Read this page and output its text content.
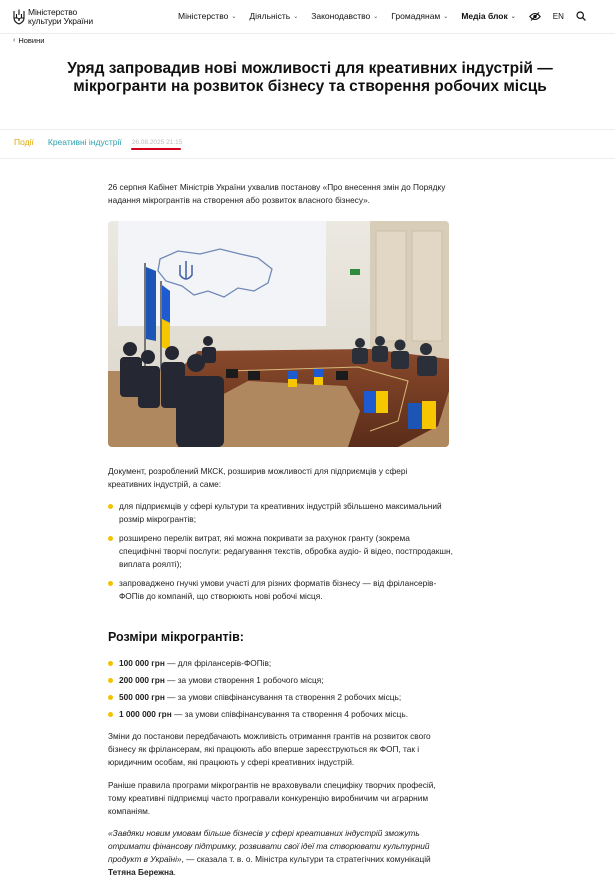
Міністерство
культури України	Міністерство ⌄ Діяльність ⌄ Законодавство ⌄ Громадянам ⌄ Медіа блок ⌄	EN
‹ Новини
Уряд запровадив нові можливості для креативних індустрій —
мікрогранти на розвиток бізнесу та створення робочих місць
Події Креативні індустрії 26.08.2025 21:15

26 серпня Кабінет Міністрів України ухвалив постанову «Про внесення змін до Порядку надання мікрогрантів на створення або розвиток власного бізнесу».

Документ, розроблений МКСК, розширив можливості для підприємців у сфері креативних індустрій, а саме:

для підприємців у сфері культури та креативних індустрій збільшено максимальний розмір мікрогрантів;
розширено перелік витрат, які можна покривати за рахунок гранту (зокрема специфічні творчі послуги: редагування текстів, обробка аудіо- й відео, постпродакшн, виплата роялті);
запроваджено гнучкі умови участі для різних форматів бізнесу — від фрілансерів-ФОПів до компаній, що створюють нові робочі місця.
Розміри мікрогрантів:
100 000 грн — для фрілансерів-ФОПів;
200 000 грн — за умови створення 1 робочого місця;
500 000 грн — за умови співфінансування та створення 2 робочих місць;
1 000 000 грн — за умови співфінансування та створення 4 робочих місць.

Зміни до постанови передбачають можливість отримання грантів на розвиток свого бізнесу як фрілансерам, які працюють або вперше зареєструються як ФОП, так і юридичним особам, які працюють у сфері креативних індустрій.

Раніше правила програми мікрогрантів не враховували специфіку творчих професій, тому креативні підприємці часто програвали конкуренцію виробничим чи аграрним компаніям.

«Завдяки новим умовам більше бізнесів у сфері креативних індустрій зможуть отримати фінансову підтримку, розвивати свої ідеї та створювати культурний продукт в Україні», — сказала т. в. о. Міністра культури та стратегічних комунікацій Тетяна Бережна.
